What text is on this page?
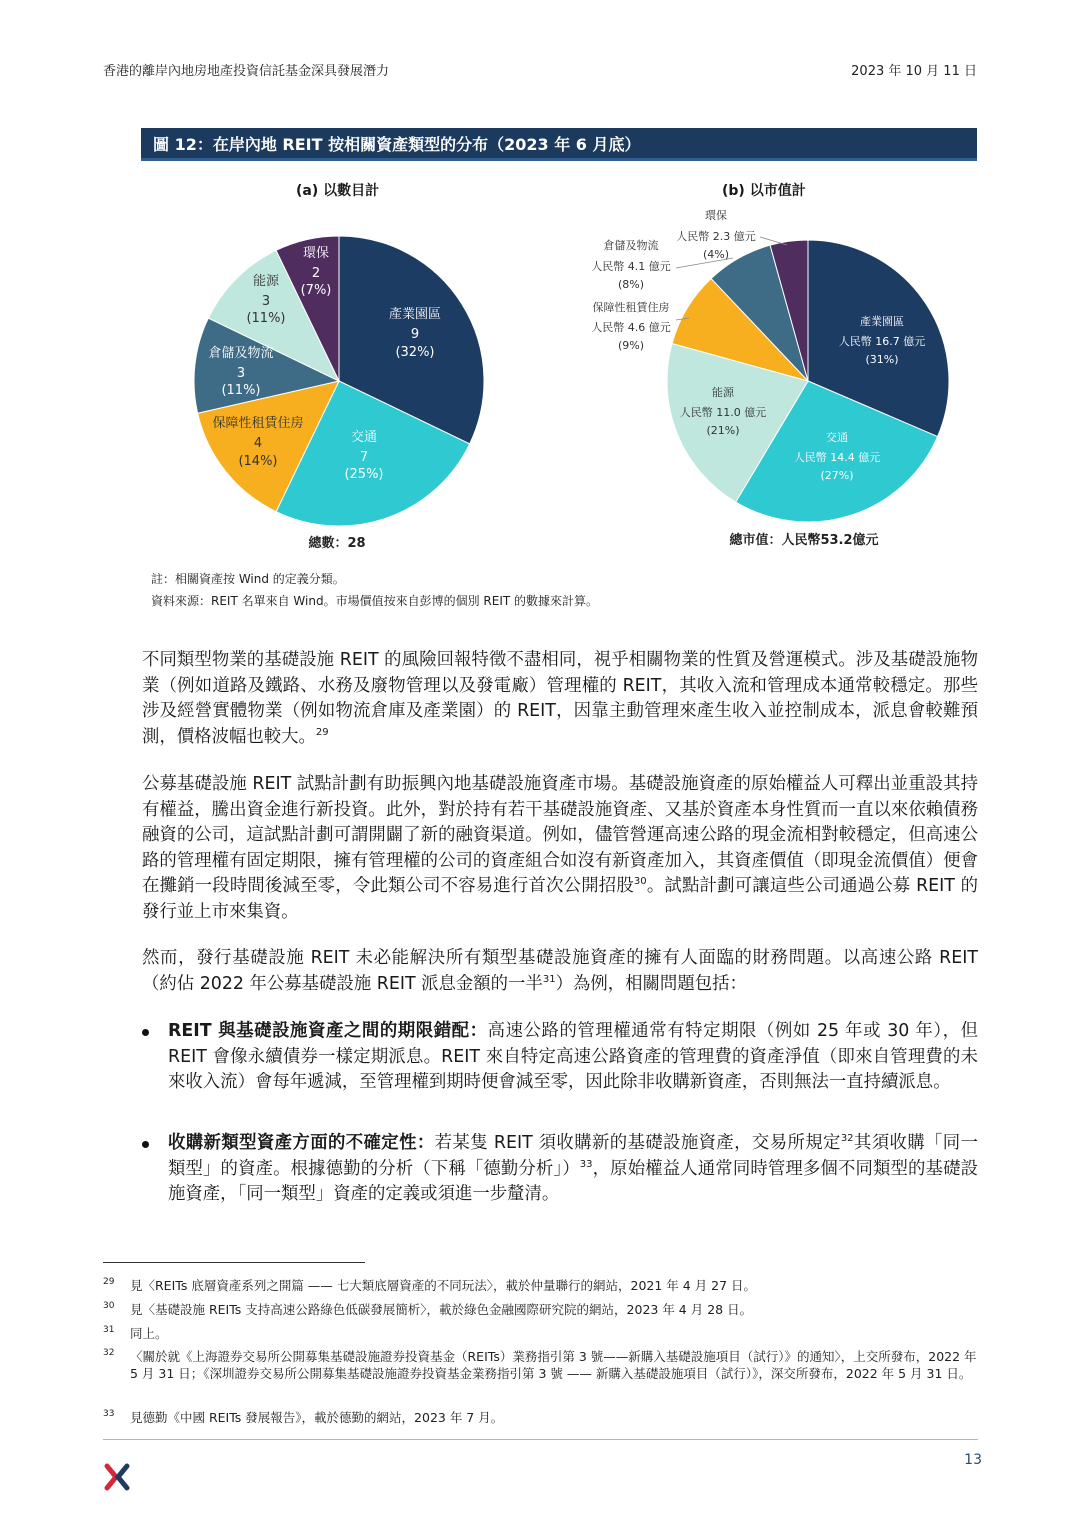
香港的離岸內地房地產投資信託基金深具發展潛力	2023 年 10 月 11 日
圖 12：在岸內地 REIT 按相關資產類型的分布（2023 年 6 月底）
(a) 以數目計	(b) 以市值計
產業園區
9
(32%)
交通
7
(25%)
保障性租賃住房
4
(14%)
倉儲及物流
3
(11%)
能源
3
(11%)
環保
2
(7%)
總數：28
產業園區
人民幣 16.7 億元
(31%)
交通
人民幣 14.4 億元
(27%)
能源
人民幣 11.0 億元
(21%)
環保
人民幣 2.3 億元
(4%)
倉儲及物流
人民幣 4.1 億元
(8%)
保障性租賃住房
人民幣 4.6 億元
(9%)
總市值：人民幣53.2億元
註：相關資產按 Wind 的定義分類。
資料來源：REIT 名單來自 Wind。市場價值按來自彭博的個別 REIT 的數據來計算。

不同類型物業的基礎設施 REIT 的風險回報特徵不盡相同，視乎相關物業的性質及營運模式。涉及基礎設施物業（例如道路及鐵路、水務及廢物管理以及發電廠）管理權的 REIT，其收入流和管理成本通常較穩定。那些涉及經營實體物業（例如物流倉庫及產業園）的 REIT，因靠主動管理來產生收入並控制成本，派息會較難預測，價格波幅也較大。$^{29}$

公募基礎設施 REIT 試點計劃有助振興內地基礎設施資產市場。基礎設施資產的原始權益人可釋出並重設其持有權益，騰出資金進行新投資。此外，對於持有若干基礎設施資產、又基於資產本身性質而一直以來依賴債務融資的公司，這試點計劃可謂開闢了新的融資渠道。例如，儘管營運高速公路的現金流相對較穩定，但高速公路的管理權有固定期限，擁有管理權的公司的資產組合如沒有新資產加入，其資產價值（即現金流價值）便會在攤銷一段時間後減至零，令此類公司不容易進行首次公開招股$^{30}$。試點計劃可讓這些公司通過公募 REIT 的發行並上市來集資。

然而，發行基礎設施 REIT 未必能解決所有類型基礎設施資產的擁有人面臨的財務問題。以高速公路 REIT（約佔 2022 年公募基礎設施 REIT 派息金額的一半$^{31}$）為例，相關問題包括：

REIT 與基礎設施資產之間的期限錯配：高速公路的管理權通常有特定期限（例如 25 年或 30 年），但 REIT 會像永續債券一樣定期派息。REIT 來自特定高速公路資產的管理費的資產淨值（即來自管理費的未來收入流）會每年遞減，至管理權到期時便會減至零，因此除非收購新資產，否則無法一直持續派息。
收購新類型資產方面的不確定性：若某隻 REIT 須收購新的基礎設施資產，交易所規定$^{32}$其須收購「同一類型」的資產。根據德勤的分析（下稱「德勤分析」）$^{33}$，原始權益人通常同時管理多個不同類型的基礎設施資產，「同一類型」資產的定義或須進一步釐清。
29 見〈REITs 底層資產系列之開篇 —— 七大類底層資產的不同玩法〉，載於仲量聯行的網站，2021 年 4 月 27 日。
30 見〈基礎設施 REITs 支持高速公路綠色低碳發展簡析〉，載於綠色金融國際研究院的網站，2023 年 4 月 28 日。
31 同上。
32 〈關於就《上海證券交易所公開募集基礎設施證券投資基金（REITs）業務指引第 3 號——新購入基礎設施項目（試行）》的通知〉，上交所發布，2022 年 5 月 31 日；《深圳證券交易所公開募集基礎設施證券投資基金業務指引第 3 號 —— 新購入基礎設施項目（試行）》，深交所發布，2022 年 5 月 31 日。
33 見德勤《中國 REITs 發展報告》，載於德勤的網站，2023 年 7 月。
13
